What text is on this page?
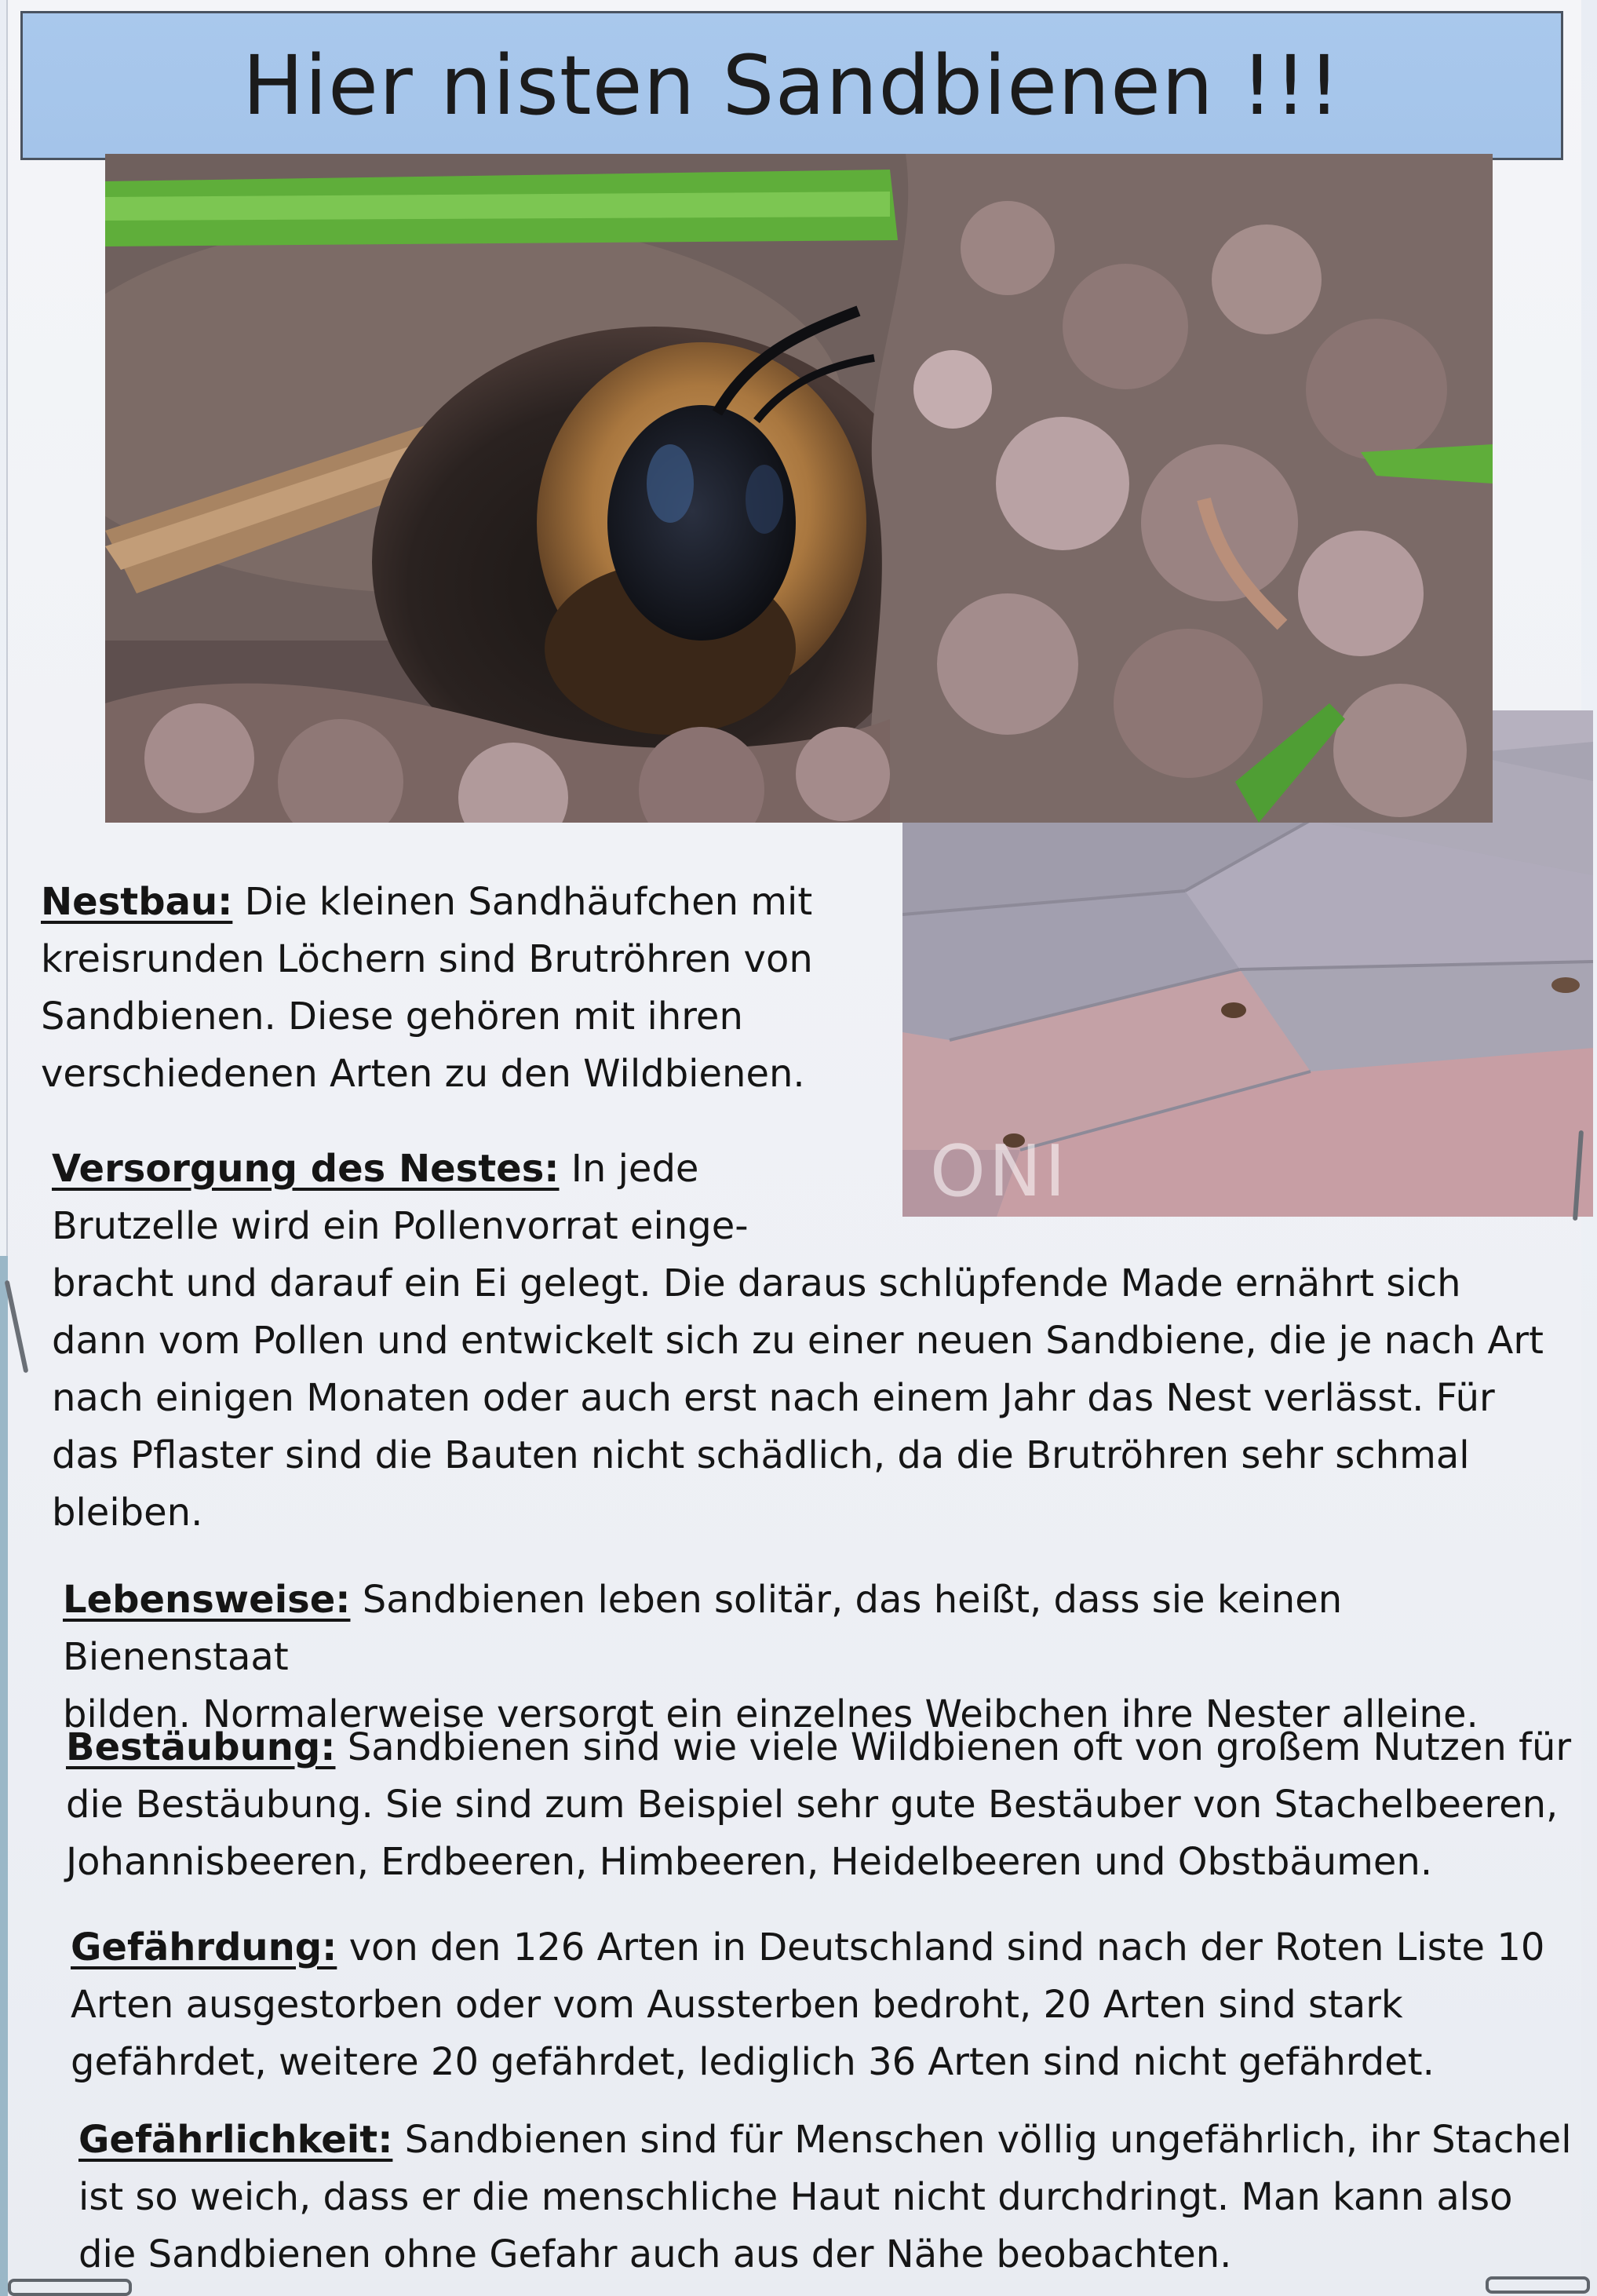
Hier nisten Sandbienen !!!
ONI
Nestbau: Die kleinen Sandhäufchen mit
kreisrunden Löchern sind Brutröhren von
Sandbienen. Diese gehören mit ihren
verschiedenen Arten zu den Wildbienen.
Versorgung des Nestes: In jede
Brutzelle wird ein Pollenvorrat einge-
bracht und darauf ein Ei gelegt. Die daraus schlüpfende Made ernährt sich
dann vom Pollen und entwickelt sich zu einer neuen Sandbiene, die je nach Art
nach einigen Monaten oder auch erst nach einem Jahr das Nest verlässt. Für
das Pflaster sind die Bauten nicht schädlich, da die Brutröhren sehr schmal
bleiben.
Lebensweise: Sandbienen leben solitär, das heißt, dass sie keinen Bienenstaat
bilden. Normalerweise versorgt ein einzelnes Weibchen ihre Nester alleine.
Bestäubung: Sandbienen sind wie viele Wildbienen oft von großem Nutzen für
die Bestäubung. Sie sind zum Beispiel sehr gute Bestäuber von Stachelbeeren,
Johannisbeeren, Erdbeeren, Himbeeren, Heidelbeeren und Obstbäumen.
Gefährdung: von den 126 Arten in Deutschland sind nach der Roten Liste 10
Arten ausgestorben oder vom Aussterben bedroht, 20 Arten sind stark
gefährdet, weitere 20 gefährdet, lediglich 36 Arten sind nicht gefährdet.
Gefährlichkeit: Sandbienen sind für Menschen völlig ungefährlich, ihr Stachel
ist so weich, dass er die menschliche Haut nicht durchdringt. Man kann also
die Sandbienen ohne Gefahr auch aus der Nähe beobachten.
